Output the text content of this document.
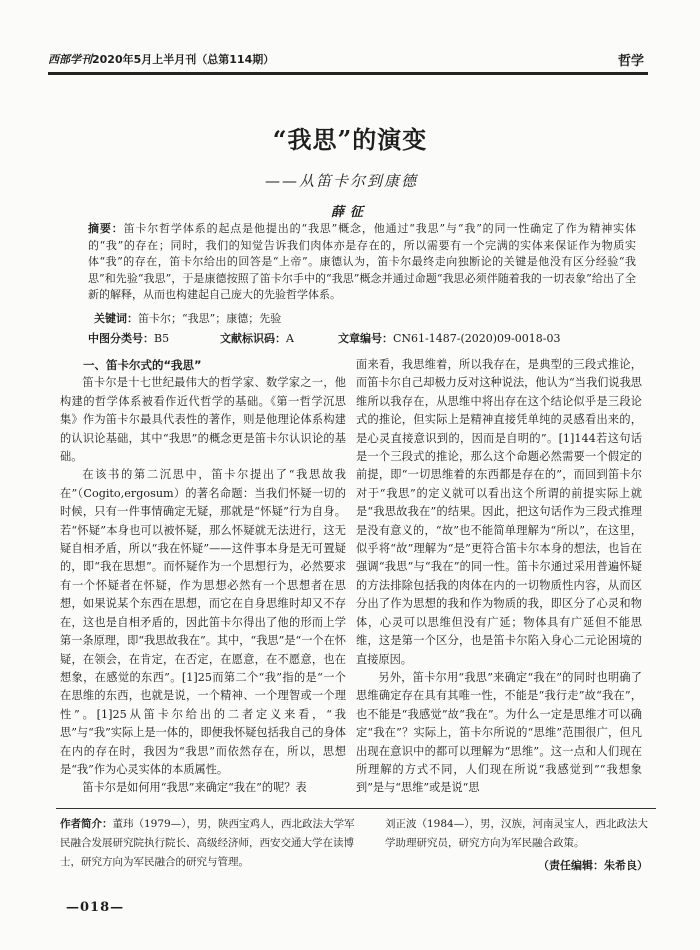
西部学刊2020年5月上半月刊（总第114期）	哲学
“我思”的演变
——从笛卡尔到康德
薛征
摘要：笛卡尔哲学体系的起点是他提出的“我思”概念，他通过“我思”与“我”的同一性确定了作为精神实体的“我”的存在；同时，我们的知觉告诉我们肉体亦是存在的，所以需要有一个完满的实体来保证作为物质实体“我”的存在，笛卡尔给出的回答是“上帝”。康德认为，笛卡尔最终走向独断论的关键是他没有区分经验“我思”和先验“我思”，于是康德按照了笛卡尔手中的“我思”概念并通过命题“我思必须伴随着我的一切表象”给出了全新的解释，从而也构建起自己庞大的先验哲学体系。
关键词：笛卡尔；“我思”；康德；先验
中图分类号：B5	文献标识码：A	文章编号：CN61-1487-(2020)09-0018-03

一、笛卡尔式的“我思”

笛卡尔是十七世纪最伟大的哲学家、数学家之一，他构建的哲学体系被看作近代哲学的基础。《第一哲学沉思集》作为笛卡尔最具代表性的著作，则是他理论体系构建的认识论基础，其中“我思”的概念更是笛卡尔认识论的基础。

在该书的第二沉思中，笛卡尔提出了“我思故我在”（Cogito,ergosum）的著名命题：当我们怀疑一切的时候，只有一件事情确定无疑，那就是“怀疑”行为自身。若“怀疑”本身也可以被怀疑，那么怀疑就无法进行，这无疑自相矛盾，所以“我在怀疑”——这件事本身是无可置疑的，即“我在思想”。而怀疑作为一个思想行为，必然要求有一个怀疑者在怀疑，作为思想必然有一个思想者在思想，如果说某个东西在思想，而它在自身思维时却又不存在，这也是自相矛盾的，因此笛卡尔得出了他的形而上学第一条原理，即“我思故我在”。其中，“我思”是“一个在怀疑，在领会，在肯定，在否定，在愿意，在不愿意，也在想象，在感觉的东西”。[1]25而第二个“我”指的是“一个在思维的东西，也就是说，一个精神、一个理智或一个理性”。[1]25从笛卡尔给出的二者定义来看，“我思”与“我”实际上是一体的，即便我怀疑包括我自己的身体在内的存在时，我因为“我思”而依然存在，所以，思想是“我”作为心灵实体的本质属性。

笛卡尔是如何用“我思”来确定“我在”的呢？表

面来看，我思维着，所以我存在，是典型的三段式推论，而笛卡尔自己却极力反对这种说法，他认为“当我们说我思维所以我存在，从思维中将出存在这个结论似乎是三段论式的推论，但实际上是精神直接凭单纯的灵感看出来的，是心灵直接意识到的，因而是自明的”。[1]144若这句话是一个三段式的推论，那么这个命题必然需要一个假定的前提，即“一切思维着的东西都是存在的”，而回到笛卡尔对于“我思”的定义就可以看出这个所谓的前提实际上就是“我思故我在”的结果。因此，把这句话作为三段式推理是没有意义的，“故”也不能简单理解为“所以”，在这里，似乎将“故”理解为“是”更符合笛卡尔本身的想法，也旨在强调“我思”与“我在”的同一性。笛卡尔通过采用普遍怀疑的方法排除包括我的肉体在内的一切物质性内容，从而区分出了作为思想的我和作为物质的我，即区分了心灵和物体，心灵可以思维但没有广延；物体具有广延但不能思维，这是第一个区分，也是笛卡尔陷入身心二元论困境的直接原因。

另外，笛卡尔用“我思”来确定“我在”的同时也明确了思维确定存在具有其唯一性，不能是“我行走”故“我在”，也不能是“我感觉”故“我在”。为什么一定是思维才可以确定“我在”？实际上，笛卡尔所说的“思维”范围很广，但凡出现在意识中的都可以理解为“思维”。这一点和人们现在所理解的方式不同，人们现在所说“我感觉到”“我想象到”是与“思维”或是说“思

作者简介：董玮（1979—），男，陕西宝鸡人，西北政法大学军民融合发展研究院执行院长、高级经济师，西安交通大学在读博士，研究方向为军民融合的研究与管理。
刘正波（1984—），男，汉族，河南灵宝人，西北政法大学助理研究员，研究方向为军民融合政策。
（责任编辑：朱希良）
—018—
